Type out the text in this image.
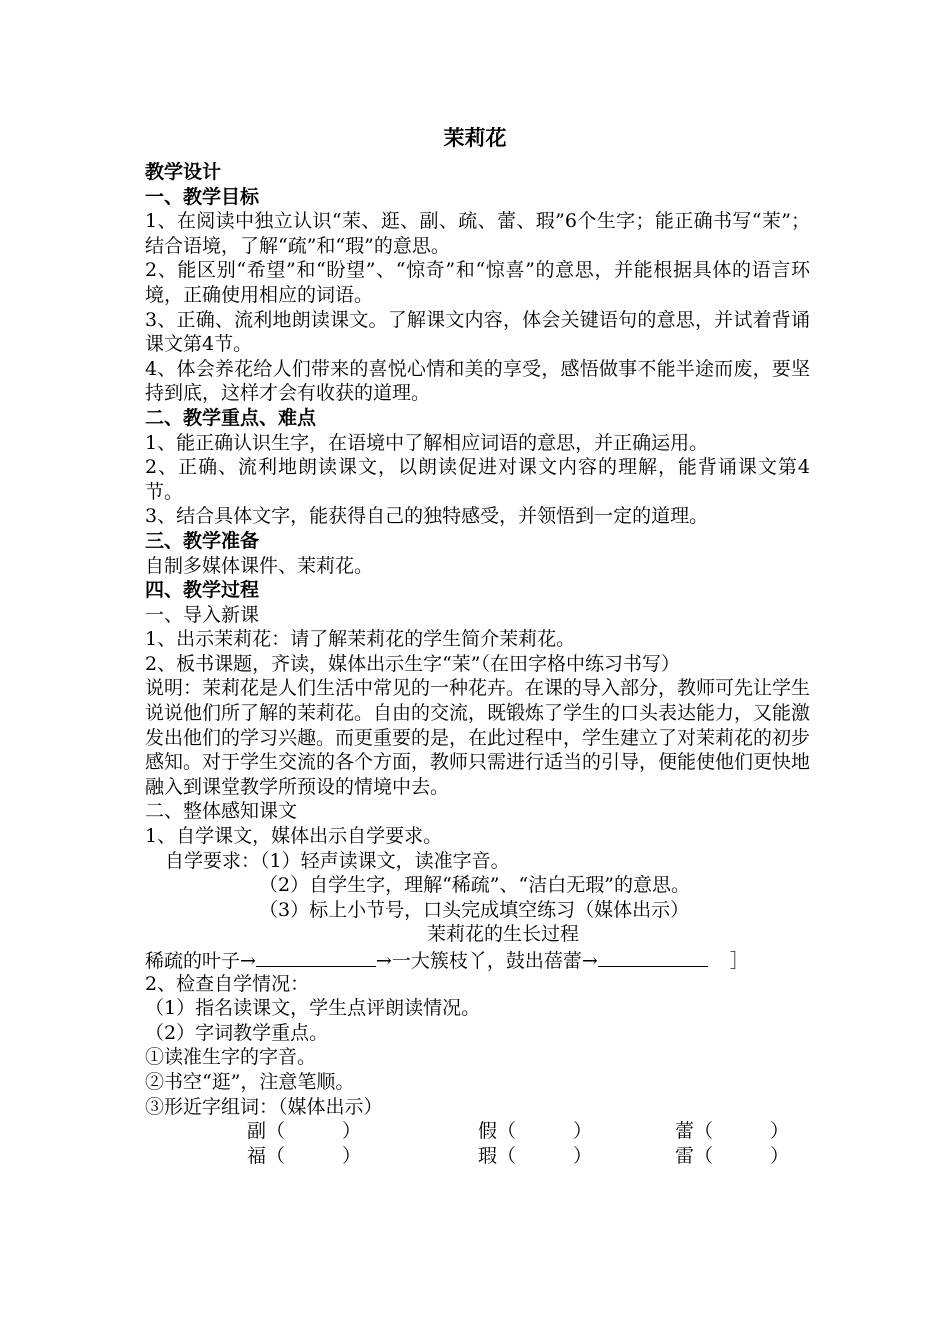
茉莉花
教学设计
一、教学目标
1、在阅读中独立认识“茉、逛、副、疏、蕾、瑕”6个生字；能正确书写“茉”；结合语境，了解“疏”和“瑕”的意思。
2、能区别“希望”和“盼望”、“惊奇”和“惊喜”的意思，并能根据具体的语言环境，正确使用相应的词语。
3、正确、流利地朗读课文。了解课文内容，体会关键语句的意思，并试着背诵课文第4节。
4、体会养花给人们带来的喜悦心情和美的享受，感悟做事不能半途而废，要坚持到底，这样才会有收获的道理。
二、教学重点、难点
1、能正确认识生字，在语境中了解相应词语的意思，并正确运用。
2、正确、流利地朗读课文，以朗读促进对课文内容的理解，能背诵课文第4节。
3、结合具体文字，能获得自己的独特感受，并领悟到一定的道理。
三、教学准备
自制多媒体课件、茉莉花。
四、教学过程
一、导入新课
1、出示茉莉花：请了解茉莉花的学生简介茉莉花。
2、板书课题，齐读，媒体出示生字“茉”（在田字格中练习书写）
说明：茉莉花是人们生活中常见的一种花卉。在课的导入部分，教师可先让学生说说他们所了解的茉莉花。自由的交流，既锻炼了学生的口头表达能力，又能激发出他们的学习兴趣。而更重要的是，在此过程中，学生建立了对茉莉花的初步感知。对于学生交流的各个方面，教师只需进行适当的引导，便能使他们更快地融入到课堂教学所预设的情境中去。
二、整体感知课文
1、自学课文，媒体出示自学要求。
自学要求：（1）轻声读课文，读准字音。
（2）自学生字，理解“稀疏”、“洁白无瑕”的意思。
（3）标上小节号，口头完成填空练习（媒体出示）
茉莉花的生长过程
稀疏的叶子→	→一大簇枝丫，鼓出蓓蕾→	］
2、检查自学情况：
（1）指名读课文，学生点评朗读情况。
（2）字词教学重点。
①读准生字的字音。
②书空“逛”，注意笔顺。
③形近字组词：（媒体出示）
副（　　　）	假（　　　）	蕾（　　　）
福（　　　）	瑕（　　　）	雷（　　　）
